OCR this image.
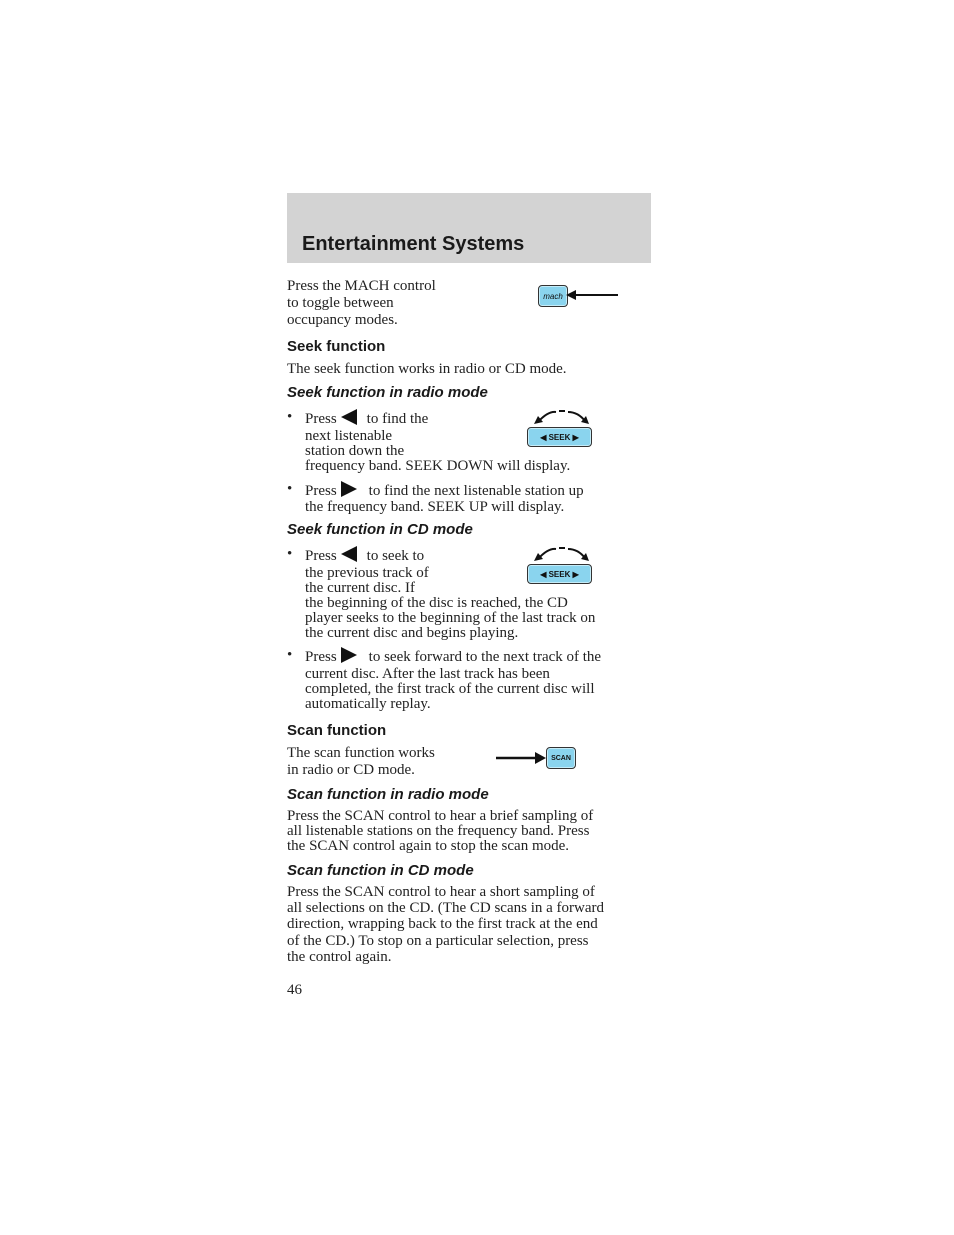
Entertainment Systems
Press the MACH control
to toggle between
occupancy modes.
mach
Seek function
The seek function works in radio or CD mode.
Seek function in radio mode
• Press to find the
next listenable
station down the
frequency band. SEEK DOWN will display.
◀ SEEK ▶
• Press to find the next listenable station up
the frequency band. SEEK UP will display.
Seek function in CD mode
• Press to seek to
the previous track of
the current disc. If
the beginning of the disc is reached, the CD
player seeks to the beginning of the last track on
the current disc and begins playing.
◀ SEEK ▶
• Press to seek forward to the next track of the
current disc. After the last track has been
completed, the first track of the current disc will
automatically replay.
Scan function
The scan function works
in radio or CD mode.
SCAN
Scan function in radio mode
Press the SCAN control to hear a brief sampling of
all listenable stations on the frequency band. Press
the SCAN control again to stop the scan mode.
Scan function in CD mode
Press the SCAN control to hear a short sampling of
all selections on the CD. (The CD scans in a forward
direction, wrapping back to the first track at the end
of the CD.) To stop on a particular selection, press
the control again.
46
